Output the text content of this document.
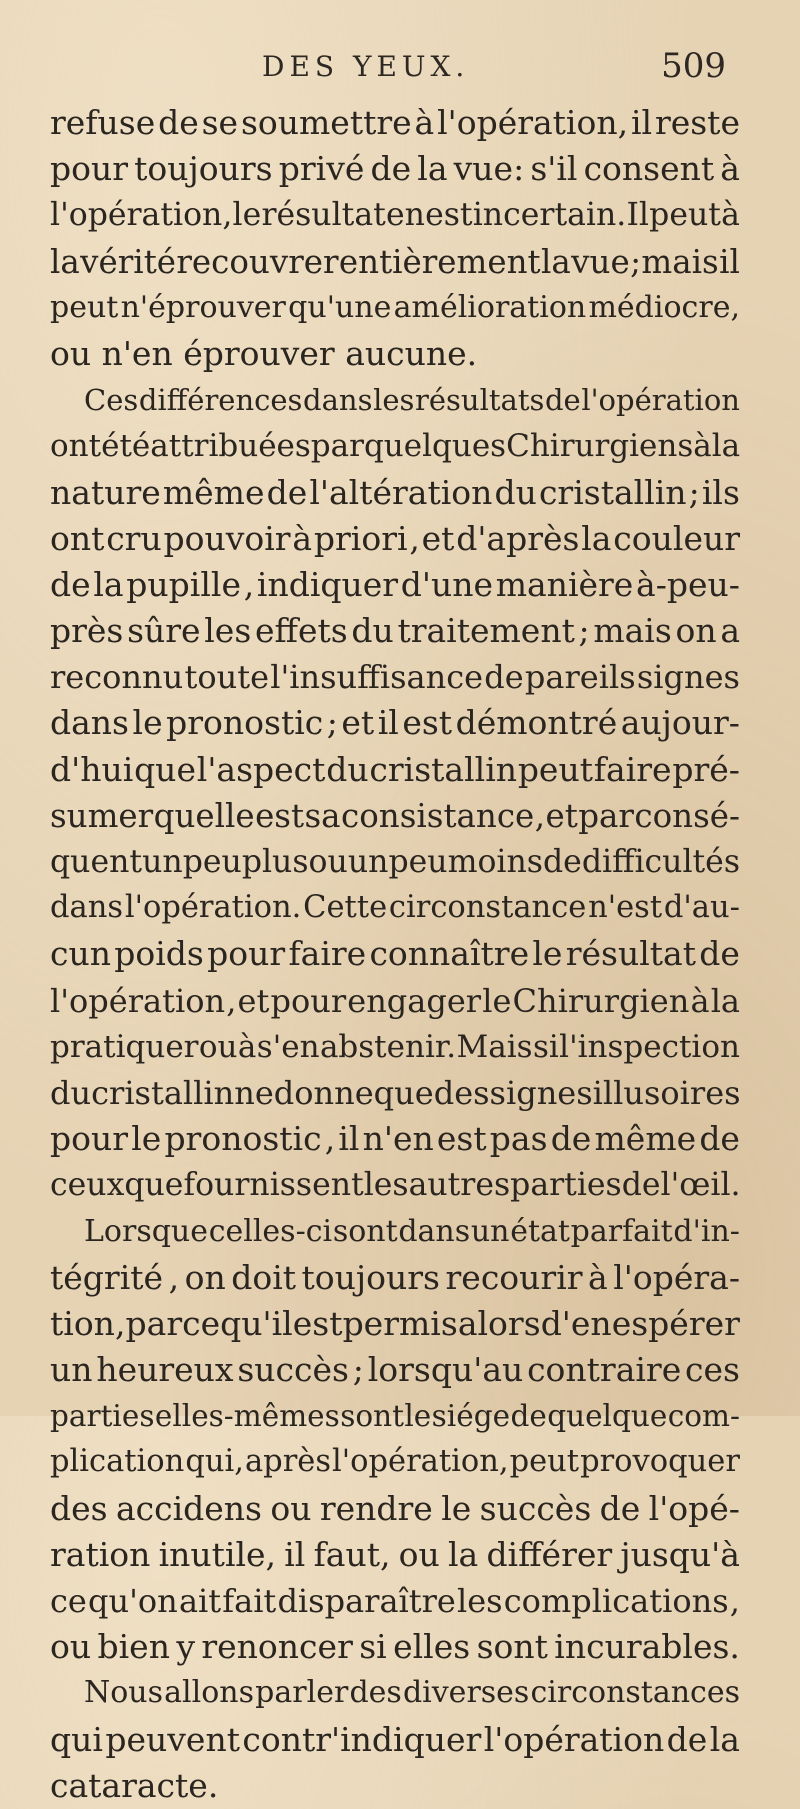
DES YEUX.	509
refuse de se soumettre à l'opération, il reste
pour toujours privé de la vue: s'il consent à
l'opération, le résultat en est incertain. Il peut à
la vérité recouvrer entièrement la vue ; mais il
peut n'éprouver qu'une amélioration médiocre,
ou n'en éprouver aucune.
Ces différences dans les résultats de l'opération
ont été attribuées par quelques Chirurgiens à la
nature même de l'altération du cristallin ; ils
ont cru pouvoir à priori , et d'après la couleur
de la pupille , indiquer d'une manière à-peu-
près sûre les effets du traitement ; mais on a
reconnu toute l'insuffisance de pareils signes
dans le pronostic ; et il est démontré aujour-
d'hui que l'aspect du cristallin peut faire pré-
sumer quelle est sa consistance , et par consé-
quent un peu plus ou un peu moins de difficultés
dans l'opération. Cette circonstance n'est d'au-
cun poids pour faire connaître le résultat de
l'opération , et pour engager le Chirurgien à la
pratiquer ou à s'en abstenir. Mais si l'inspection
du cristallin ne donne que des signes illusoires
pour le pronostic , il n'en est pas de même de
ceux que fournissent les autres parties de l'œil.
Lorsque celles-ci sont dans un état parfait d'in-
tégrité , on doit toujours recourir à l'opéra-
tion , parce qu'il est permis alors d'en espérer
un heureux succès ; lorsqu'au contraire ces
parties elles-mêmes sont le siége de quelque com-
plication qui, après l'opération, peut provoquer
des accidens ou rendre le succès de l'opé-
ration inutile, il faut, ou la différer jusqu'à
ce qu'on ait fait disparaître les complications ,
ou bien y renoncer si elles sont incurables.
Nous allons parler des diverses circonstances
qui peuvent contr'indiquer l'opération de la
cataracte.
